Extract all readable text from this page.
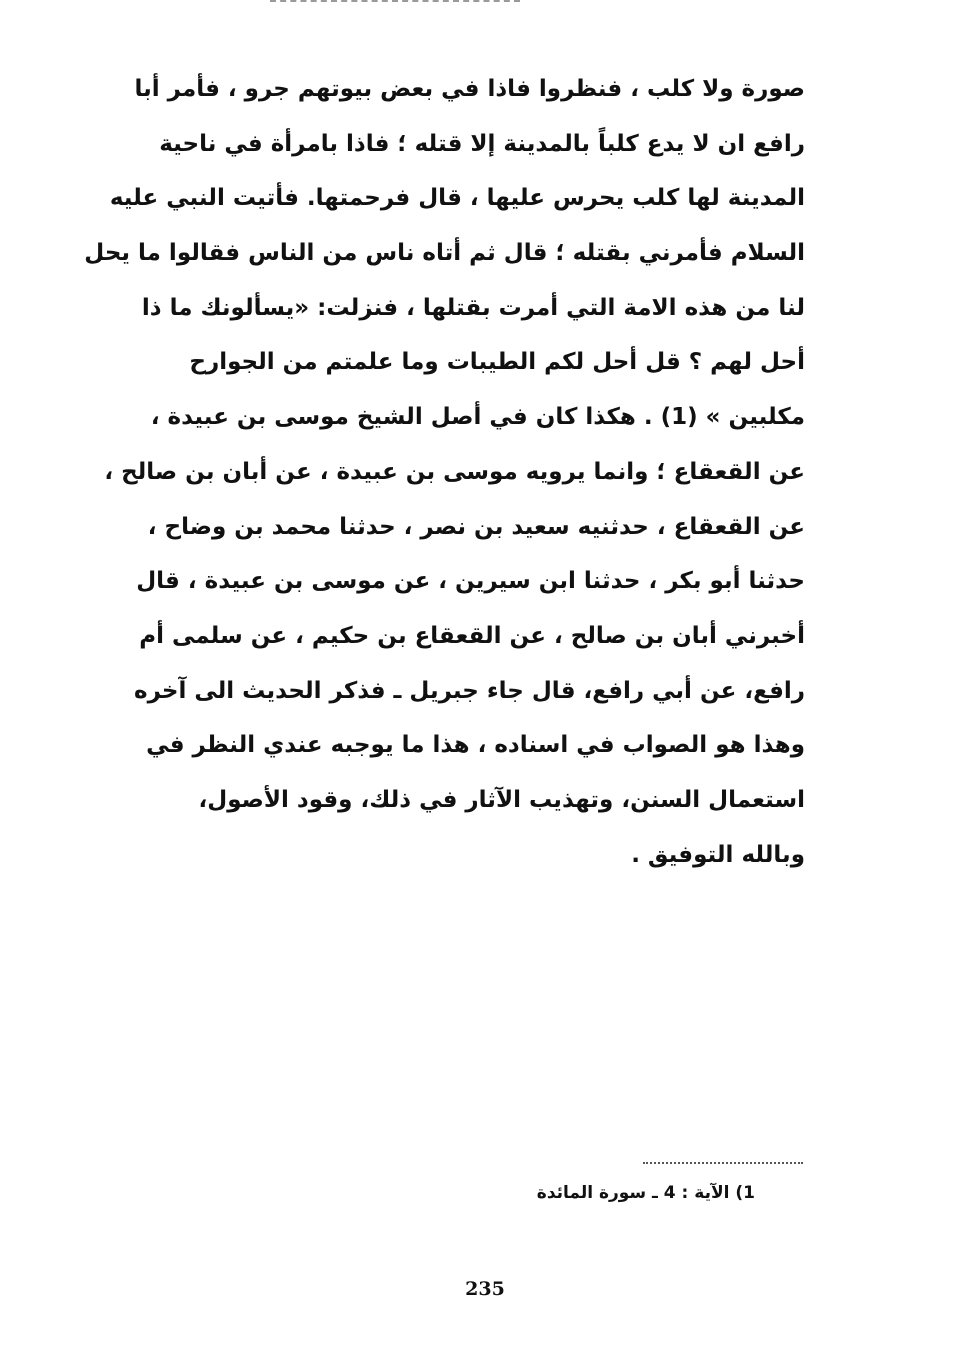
صورة ولا كلب ، فنظروا فاذا في بعض بيوتهم جرو ، فأمر أبا
رافع ان لا يدع كلباً بالمدينة إلا قتله ؛ فاذا بامرأة في ناحية
المدينة لها كلب يحرس عليها ، قال فرحمتها. فأتيت النبي عليه
السلام فأمرني بقتله ؛ قال ثم أتاه ناس من الناس فقالوا ما يحل
لنا من هذه الامة التي أمرت بقتلها ، فنزلت: «يسألونك ما ذا
أحل لهم ؟ قل أحل لكم الطيبات وما علمتم من الجوارح
مكلبين » (1) . هكذا كان في أصل الشيخ موسى بن عبيدة ،
عن القعقاع ؛ وانما يرويه موسى بن عبيدة ، عن أبان بن صالح ،
عن القعقاع ، حدثنيه سعيد بن نصر ، حدثنا محمد بن وضاح ،
حدثنا أبو بكر ، حدثنا ابن سيرين ، عن موسى بن عبيدة ، قال
أخبرني أبان بن صالح ، عن القعقاع بن حكيم ، عن سلمى أم
رافع، عن أبي رافع، قال جاء جبريل ـ فذكر الحديث الى آخره
وهذا هو الصواب في اسناده ، هذا ما يوجبه عندي النظر في
استعمال السنن، وتهذيب الآثار في ذلك، وقود الأصول،
وبالله التوفيق .
1) الآية : 4 ـ سورة المائدة
235
